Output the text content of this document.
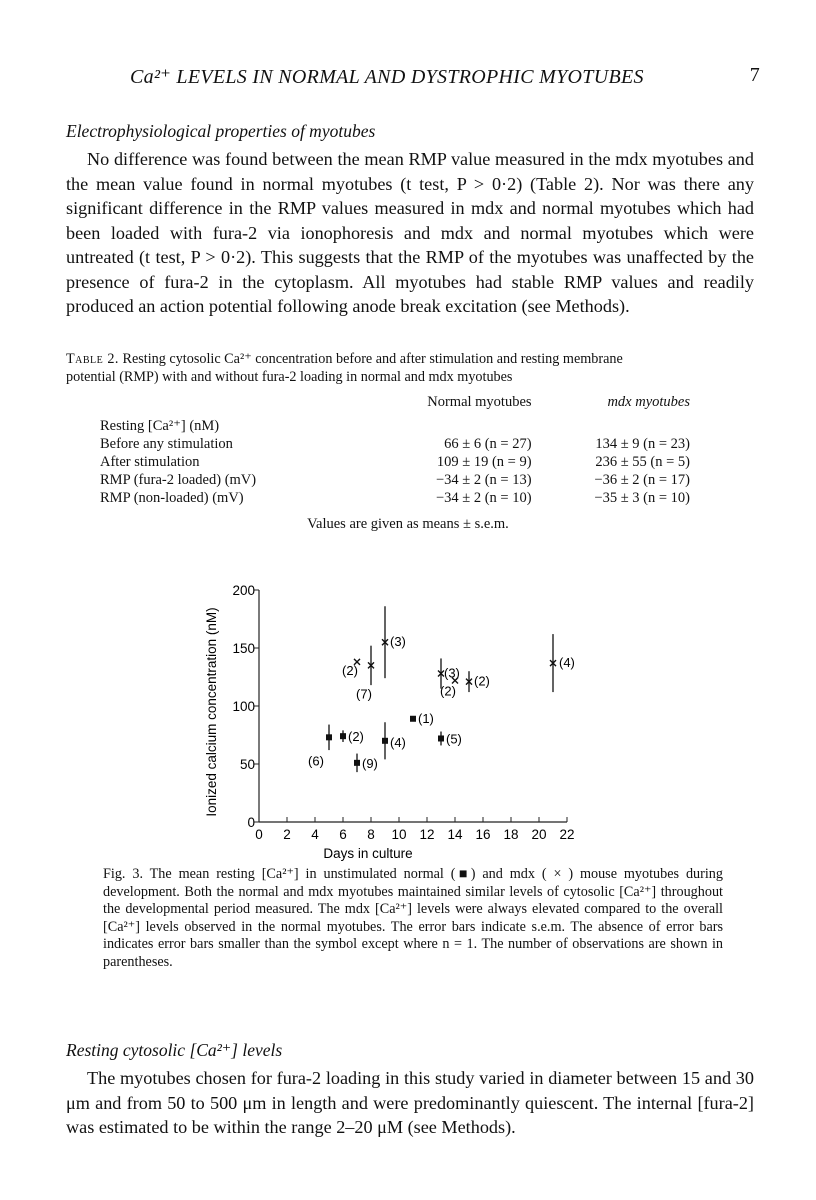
Ca²⁺ LEVELS IN NORMAL AND DYSTROPHIC MYOTUBES	7
Electrophysiological properties of myotubes

No difference was found between the mean RMP value measured in the mdx myotubes and the mean value found in normal myotubes (t test, P > 0·2) (Table 2). Nor was there any significant difference in the RMP values measured in mdx and normal myotubes which had been loaded with fura-2 via ionophoresis and mdx and normal myotubes which were untreated (t test, P > 0·2). This suggests that the RMP of the myotubes was unaffected by the presence of fura-2 in the cytoplasm. All myotubes had stable RMP values and readily produced an action potential following anode break excitation (see Methods).

Table 2. Resting cytosolic Ca²⁺ concentration before and after stimulation and resting membrane
potential (RMP) with and without fura-2 loading in normal and mdx myotubes
	Normal myotubes	mdx myotubes
Resting [Ca²⁺] (nM)		
Before any stimulation	66 ± 6 (n = 27)	134 ± 9 (n = 23)
After stimulation	109 ± 19 (n = 9)	236 ± 55 (n = 5)
RMP (fura-2 loaded) (mV)	−34 ± 2 (n = 13)	−36 ± 2 (n = 17)
RMP (non-loaded) (mV)	−34 ± 2 (n = 10)	−35 ± 3 (n = 10)
Values are given as means ± s.e.m.
0 2 4 6 8 10 12 14 16 18 20 22
0
50
100
150
200
(6)
(2)
(9)
(4)
(1)
(5)
(2)
(7)
(3)
(3)
(2)
(2)
(4)
Days in culture
Ionized calcium concentration (nM)
Fig. 3. The mean resting [Ca²⁺] in unstimulated normal (■) and mdx ( × ) mouse myotubes during development. Both the normal and mdx myotubes maintained similar levels of cytosolic [Ca²⁺] throughout the developmental period measured. The mdx [Ca²⁺] levels were always elevated compared to the overall [Ca²⁺] levels observed in the normal myotubes. The error bars indicate s.e.m. The absence of error bars indicates error bars smaller than the symbol except where n = 1. The number of observations are shown in parentheses.
Resting cytosolic [Ca²⁺] levels

The myotubes chosen for fura-2 loading in this study varied in diameter between 15 and 30 μm and from 50 to 500 μm in length and were predominantly quiescent. The internal [fura-2] was estimated to be within the range 2–20 μM (see Methods).
